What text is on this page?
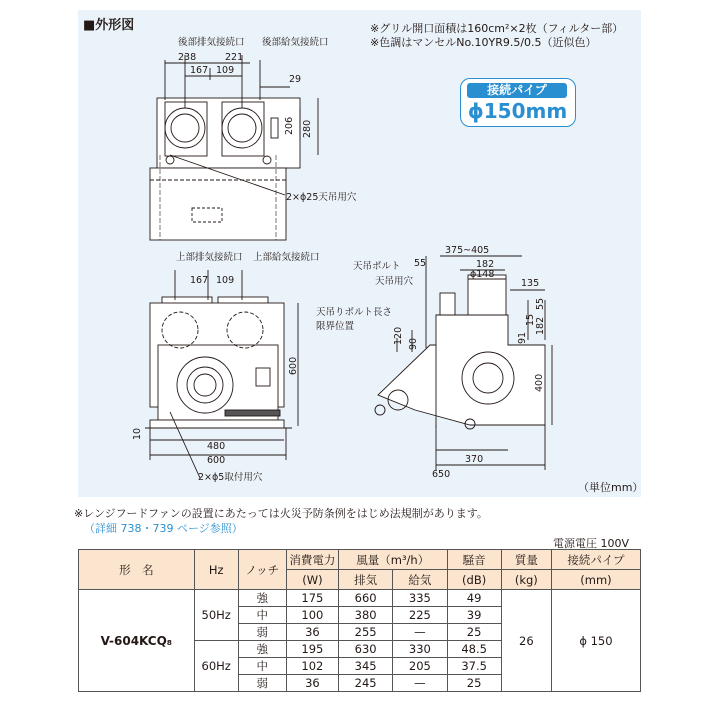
■外形図	※グリル開口面積は160cm²×2枚（フィルター部）
※色調はマンセルNo.10YR9.5/0.5（近似色）
後部排気接続口 後部給気接続口
238	221
167 109
29
206 280
2×ϕ25天吊用穴
上部排気接続口 上部給気接続口
167 109
600
10
480
600
2×ϕ5取付用穴
375~405
55	182
ϕ148
天吊ボルト
天吊用穴	135
55
91
15 182
天吊りボルト長さ
限界位置
120 90
400
370
650
接続パイプ
ϕ150mm
（単位mm）
※レンジフードファンの設置にあたっては火災予防条例をはじめ法規制があります。
（詳細 738・739 ページ参照）
電源電圧 100V
形　名	Hz	ノッチ	消費電力	風量（m³/h）		騒音	質量	接続パイプ
			(W)	排気	給気	(dB)	(kg)	(mm)
V-604KCQ₈	50Hz	強	175	660	335	49	26	ϕ 150
		中	100	380	225	39		
		弱	36	255	—	25		
	60Hz	強	195	630	330	48.5		
		中	102	345	205	37.5		
		弱	36	245	—	25		
